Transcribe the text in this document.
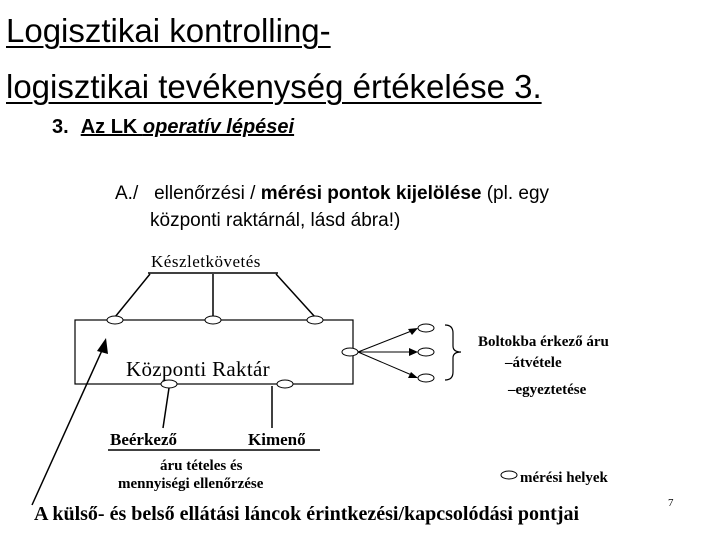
Logisztikai kontrolling-
logisztikai tevékenység értékelése 3.
3. Az LK operatív lépései
A./ ellenőrzési / mérési pontok kijelölése (pl. egy
központi raktárnál, lásd ábra!)
Készletkövetés
Központi Raktár
Beérkező	Kimenő
áru tételes és
mennyiségi ellenőrzése
Boltokba érkező áru
–átvétele
–egyeztetése
mérési helyek
A külső- és belső ellátási láncok érintkezési/kapcsolódási pontjai	7
